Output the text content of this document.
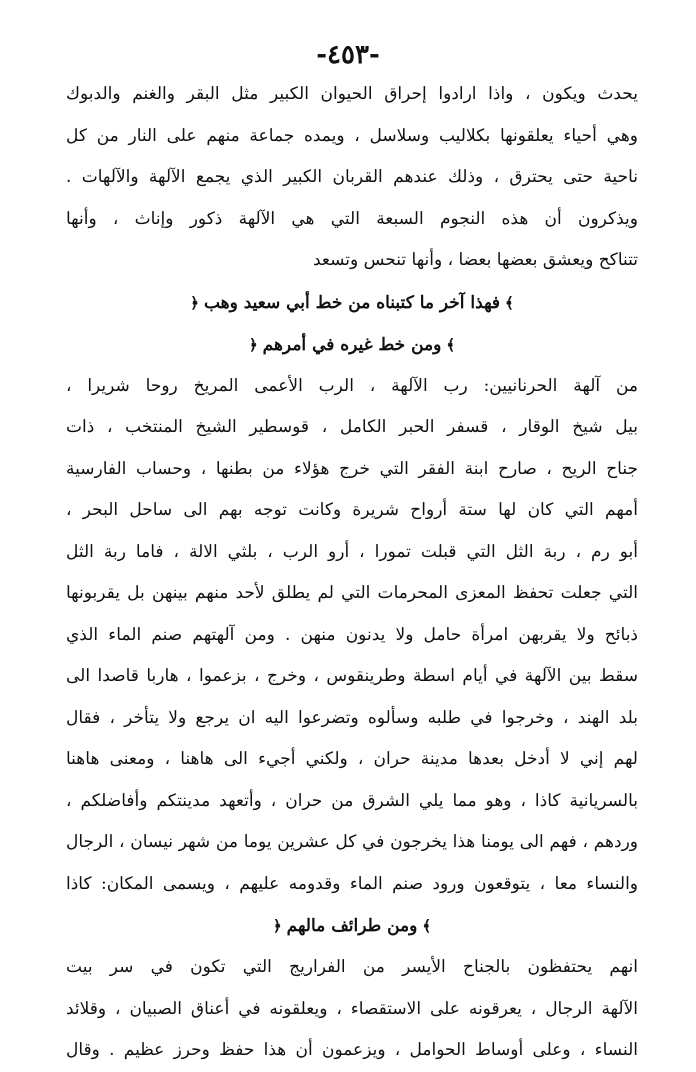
-٤٥٣-
يحدث ويكون ، واذا ارادوا إحراق الحيوان الكبير مثل البقر والغنم والدبوك
وهي أحياء يعلقونها بكلاليب وسلاسل ، ويمده جماعة منهم على النار من كل
ناحية حتى يحترق ، وذلك عندهم القربان الكبير الذي يجمع الآلهة والآلهات .
ويذكرون أن هذه النجوم السبعة التي هي الآلهة ذكور وإناث ، وأنها
تتناكح ويعشق بعضها بعضا ، وأنها تنحس وتسعد
﴾فهذا آخر ما كتبناه من خط أبي سعيد وهب﴿
﴾ومن خط غيره في أمرهم﴿
من آلهة الحرنانيين: رب الآلهة ، الرب الأعمى المريخ روحا شريرا ،
بيل شيخ الوقار ، قسفر الحبر الكامل ، قوسطير الشيخ المنتخب ، ذات
جناح الريح ، صارح ابنة الفقر التي خرج هؤلاء من بطنها ، وحساب الفارسية
أمهم التي كان لها ستة أرواح شريرة وكانت توجه بهم الى ساحل البحر ،
أبو رم ، ربة الثل التي قبلت تمورا ، أرو الرب ، بلثي الالة ، فاما ربة الثل
التي جعلت تحفظ المعزى المحرمات التي لم يطلق لأحد منهم بينهن بل يقربونها
ذبائح ولا يقربهن امرأة حامل ولا يدنون منهن . ومن آلهتهم صنم الماء الذي
سقط بين الآلهة في أيام اسطة وطرينقوس ، وخرج ، بزعموا ، هاربا قاصدا الى
بلد الهند ، وخرجوا في طلبه وسألوه وتضرعوا اليه ان يرجع ولا يتأخر ، فقال
لهم إني لا أدخل بعدها مدينة حران ، ولكني أجيء الى هاهنا ، ومعنى هاهنا
بالسريانية كاذا ، وهو مما يلي الشرق من حران ، وأتعهد مدينتكم وأفاضلكم ،
وردهم ، فهم الى يومنا هذا يخرجون في كل عشرين يوما من شهر نيسان ، الرجال
والنساء معا ، يتوقعون ورود صنم الماء وقدومه عليهم ، ويسمى المكان: كاذا
﴾ومن طرائف مالهم﴿
انهم يحتفظون بالجناح الأيسر من الفراريج التي تكون في سر بيت
الآلهة الرجال ، يعرقونه على الاستقصاء ، ويعلقونه في أعناق الصبيان ، وقلائد
النساء ، وعلى أوساط الحوامل ، ويزعمون أن هذا حفظ وحرز عظيم . وقال
